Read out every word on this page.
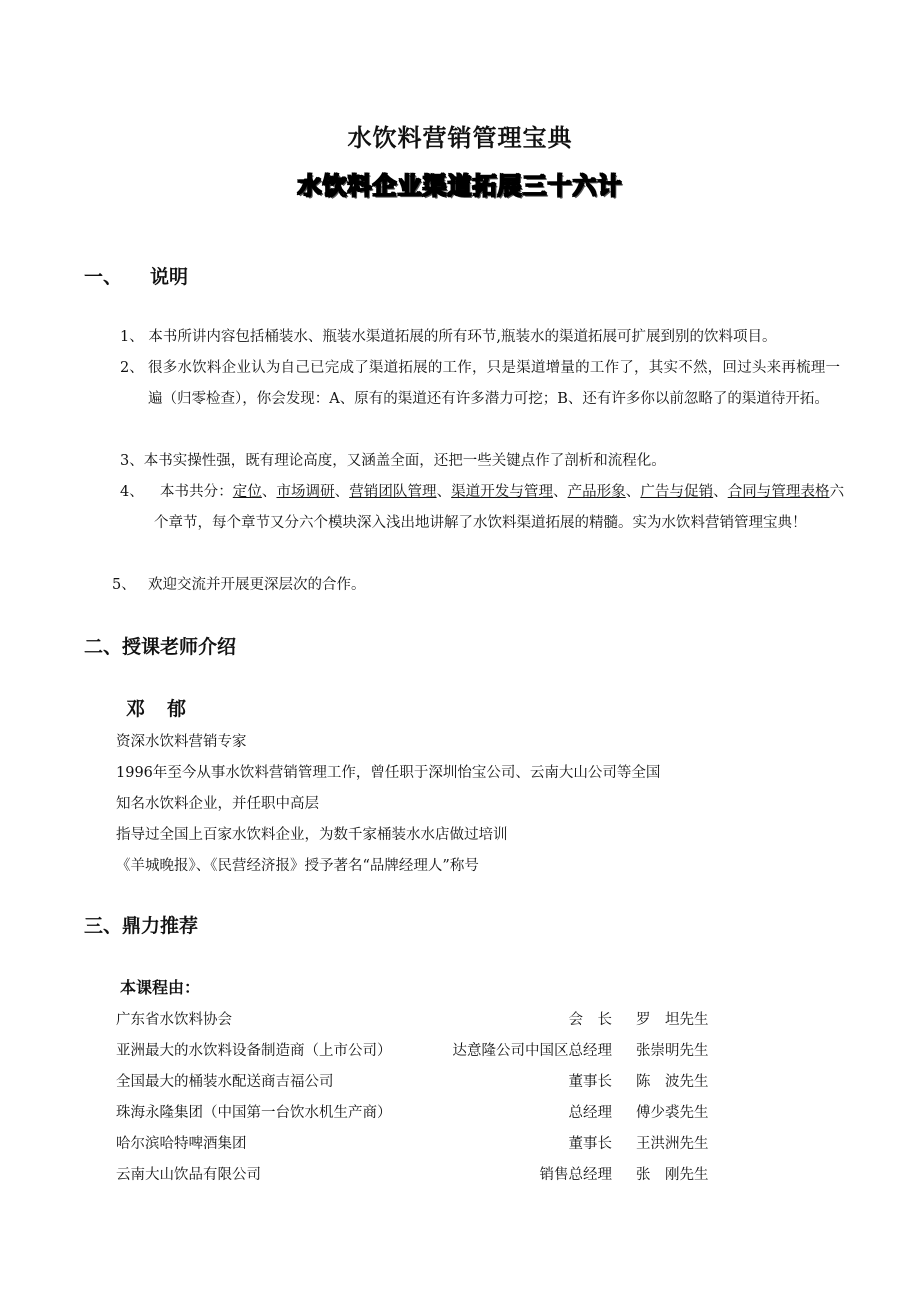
水饮料营销管理宝典
水饮料企业渠道拓展三十六计
一、 说明

1、 本书所讲内容包括桶装水、瓶装水渠道拓展的所有环节,瓶装水的渠道拓展可扩展到别的饮料项目。

2、 很多水饮料企业认为自己已完成了渠道拓展的工作，只是渠道增量的工作了，其实不然，回过头来再梳理一遍（归零检查），你会发现：A、原有的渠道还有许多潜力可挖；B、还有许多你以前忽略了的渠道待开拓。

3、本书实操性强，既有理论高度，又涵盖全面，还把一些关键点作了剖析和流程化。

4、 本书共分：定位、市场调研、营销团队管理、渠道开发与管理、产品形象、广告与促销、合同与管理表格六个章节，每个章节又分六个模块深入浅出地讲解了水饮料渠道拓展的精髓。实为水饮料营销管理宝典！

5、 欢迎交流并开展更深层次的合作。

二、授课老师介绍

邓郁

资深水饮料营销专家

1996年至今从事水饮料营销管理工作，曾任职于深圳怡宝公司、云南大山公司等全国

知名水饮料企业，并任职中高层

指导过全国上百家水饮料企业，为数千家桶装水水店做过培训

《羊城晚报》、《民营经济报》授予著名“品牌经理人”称号

三、鼎力推荐

本课程由：

广东省水饮料协会	会　长 罗　坦先生
亚洲最大的水饮料设备制造商（上市公司）	达意隆公司中国区总经理 张崇明先生
全国最大的桶装水配送商吉福公司	董事长 陈　波先生
珠海永隆集团（中国第一台饮水机生产商）	总经理 傅少裘先生
哈尔滨哈特啤酒集团	董事长 王洪洲先生
云南大山饮品有限公司	销售总经理 张　刚先生
